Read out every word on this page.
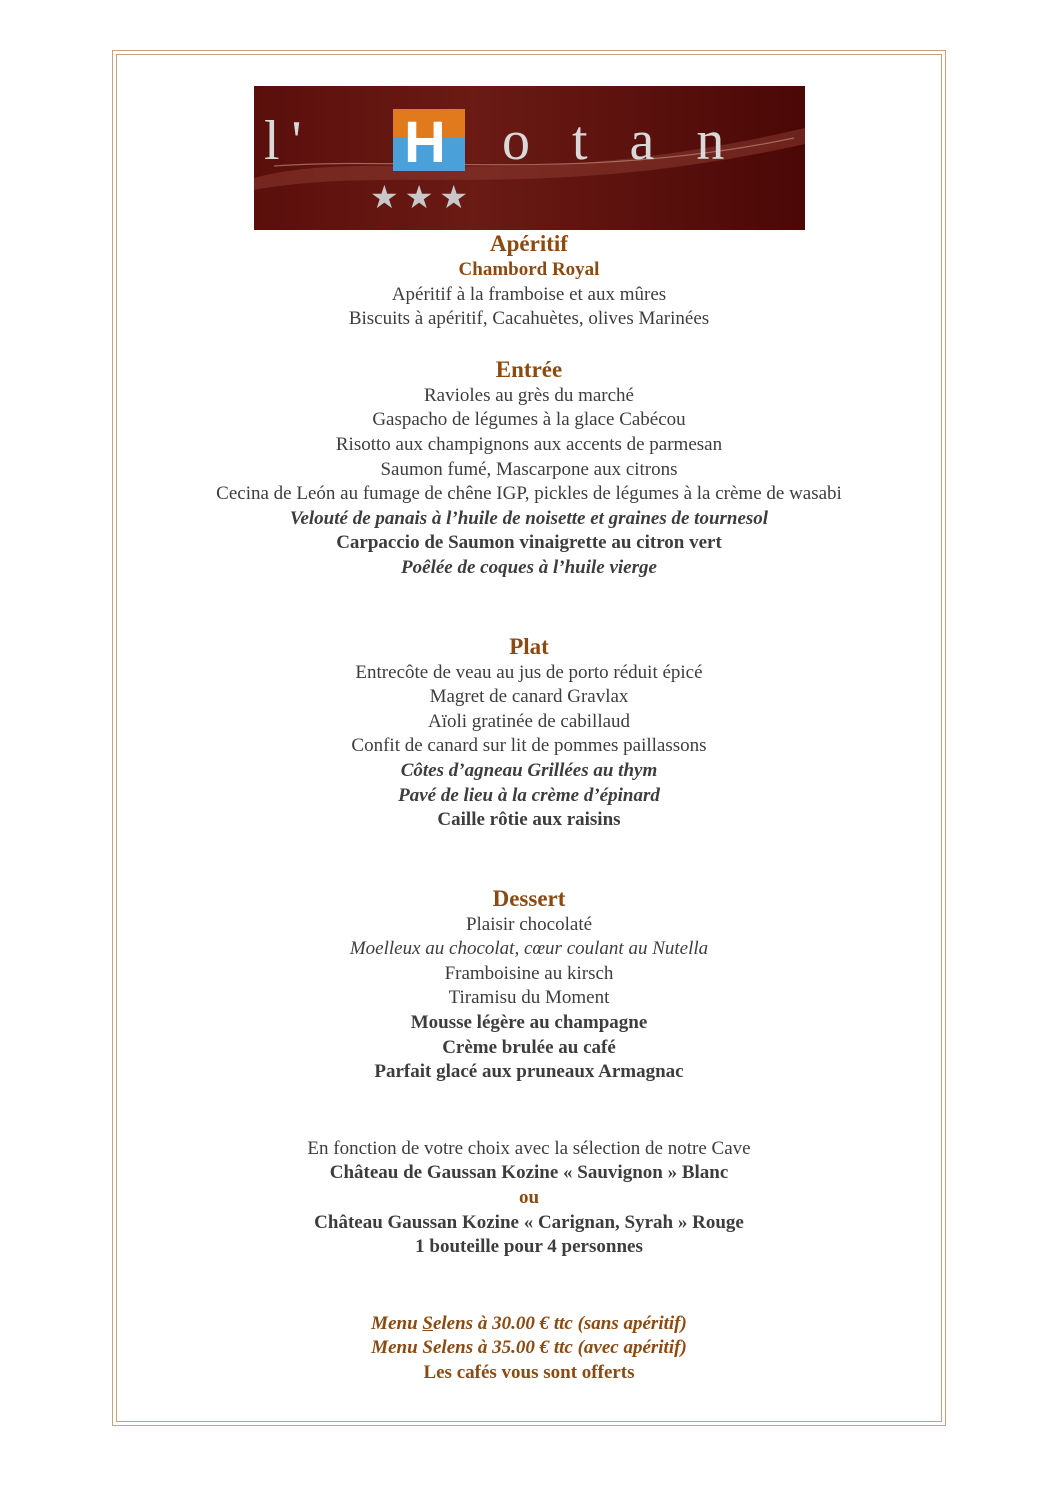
l' H otan
★★★
Apéritif
Chambord Royal
Apéritif à la framboise et aux mûres
Biscuits à apéritif, Cacahuètes, olives Marinées
Entrée
Ravioles au grès du marché
Gaspacho de légumes à la glace Cabécou
Risotto aux champignons aux accents de parmesan
Saumon fumé, Mascarpone aux citrons
Cecina de León au fumage de chêne IGP, pickles de légumes à la crème de wasabi
Velouté de panais à l’huile de noisette et graines de tournesol
Carpaccio de Saumon vinaigrette au citron vert
Poêlée de coques à l’huile vierge
Plat
Entrecôte de veau au jus de porto réduit épicé
Magret de canard Gravlax
Aïoli gratinée de cabillaud
Confit de canard sur lit de pommes paillassons
Côtes d’agneau Grillées au thym
Pavé de lieu à la crème d’épinard
Caille rôtie aux raisins
Dessert
Plaisir chocolaté
Moelleux au chocolat, cœur coulant au Nutella
Framboisine au kirsch
Tiramisu du Moment
Mousse légère au champagne
Crème brulée au café
Parfait glacé aux pruneaux Armagnac
En fonction de votre choix avec la sélection de notre Cave
Château de Gaussan Kozine « Sauvignon » Blanc
ou
Château Gaussan Kozine « Carignan, Syrah » Rouge
1 bouteille pour 4 personnes
Menu Selens à 30.00 € ttc (sans apéritif)
Menu Selens à 35.00 € ttc (avec apéritif)
Les cafés vous sont offerts
